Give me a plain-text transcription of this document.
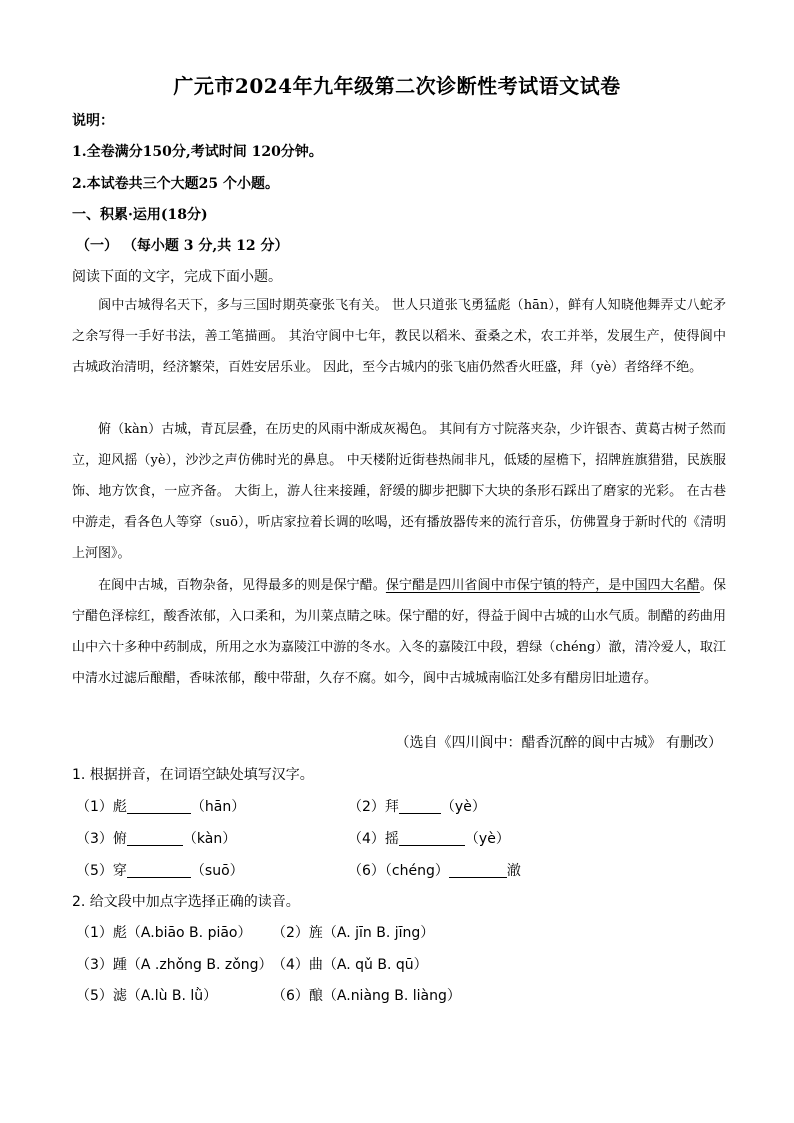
广元市2024年九年级第二次诊断性考试语文试卷
说明：
1.全卷满分150分,考试时间 120分钟。
2.本试卷共三个大题25 个小题。
一、积累·运用(18分)
（一） （每小题 3 分,共 12 分）
阅读下面的文字，完成下面小题。
阆中古城得名天下，多与三国时期英豪张飞有关。 世人只道张飞勇猛彪（hān），鲜有人知晓他舞弄丈八蛇矛之余写得一手好书法，善工笔描画。 其治守阆中七年，教民以稻米、蚕桑之术，农工并举，发展生产，使得阆中古城政治清明，经济繁荣，百姓安居乐业。 因此，至今古城内的张飞庙仍然香火旺盛，拜（yè）者络绎不绝。
俯（kàn）古城，青瓦层叠，在历史的风雨中渐成灰褐色。 其间有方寸院落夹杂，少许银杏、黄葛古树子然而立，迎风摇（yè），沙沙之声仿佛时光的鼻息。 中天楼附近街巷热闹非凡，低矮的屋檐下，招牌旌旗猎猎，民族服饰、地方饮食，一应齐备。 大街上，游人往来接踵，舒缓的脚步把脚下大块的条形石踩出了磨家的光彩。 在古巷中游走，看各色人等穿（suō），听店家拉着长调的吆喝，还有播放器传来的流行音乐，仿佛置身于新时代的《清明上河图》。
在阆中古城，百物杂备，见得最多的则是保宁醋。保宁醋是四川省阆中市保宁镇的特产，是中国四大名醋。保宁醋色泽棕红，酸香浓郁，入口柔和，为川菜点睛之味。保宁醋的好，得益于阆中古城的山水气质。制醋的药曲用山中六十多种中药制成，所用之水为嘉陵江中游的冬水。入冬的嘉陵江中段，碧绿（chéng）澈，清冷爱人，取江中清水过滤后酿醋，香味浓郁，酸中带甜，久存不腐。如今，阆中古城城南临江处多有醋房旧址遗存。
（选自《四川阆中：醋香沉醉的阆中古城》 有删改）
1. 根据拼音，在词语空缺处填写汉字。
（1）彪	（hān）	（2）拜	（yè）
（3）俯	（kàn）	（4）摇	（yè）
（5）穿	（suō）	（6）（chéng）	澈
2. 给文段中加点字选择正确的读音。
（1）彪（A.biāo B. piāo） （2）旌（A. jīn B. jīng）
（3）踵（A .zhǒng B. zǒng） （4）曲（A. qǔ B. qū）
（5）滤（A.lù B. lǜ）	（6）酿（A.niàng B. liàng）
